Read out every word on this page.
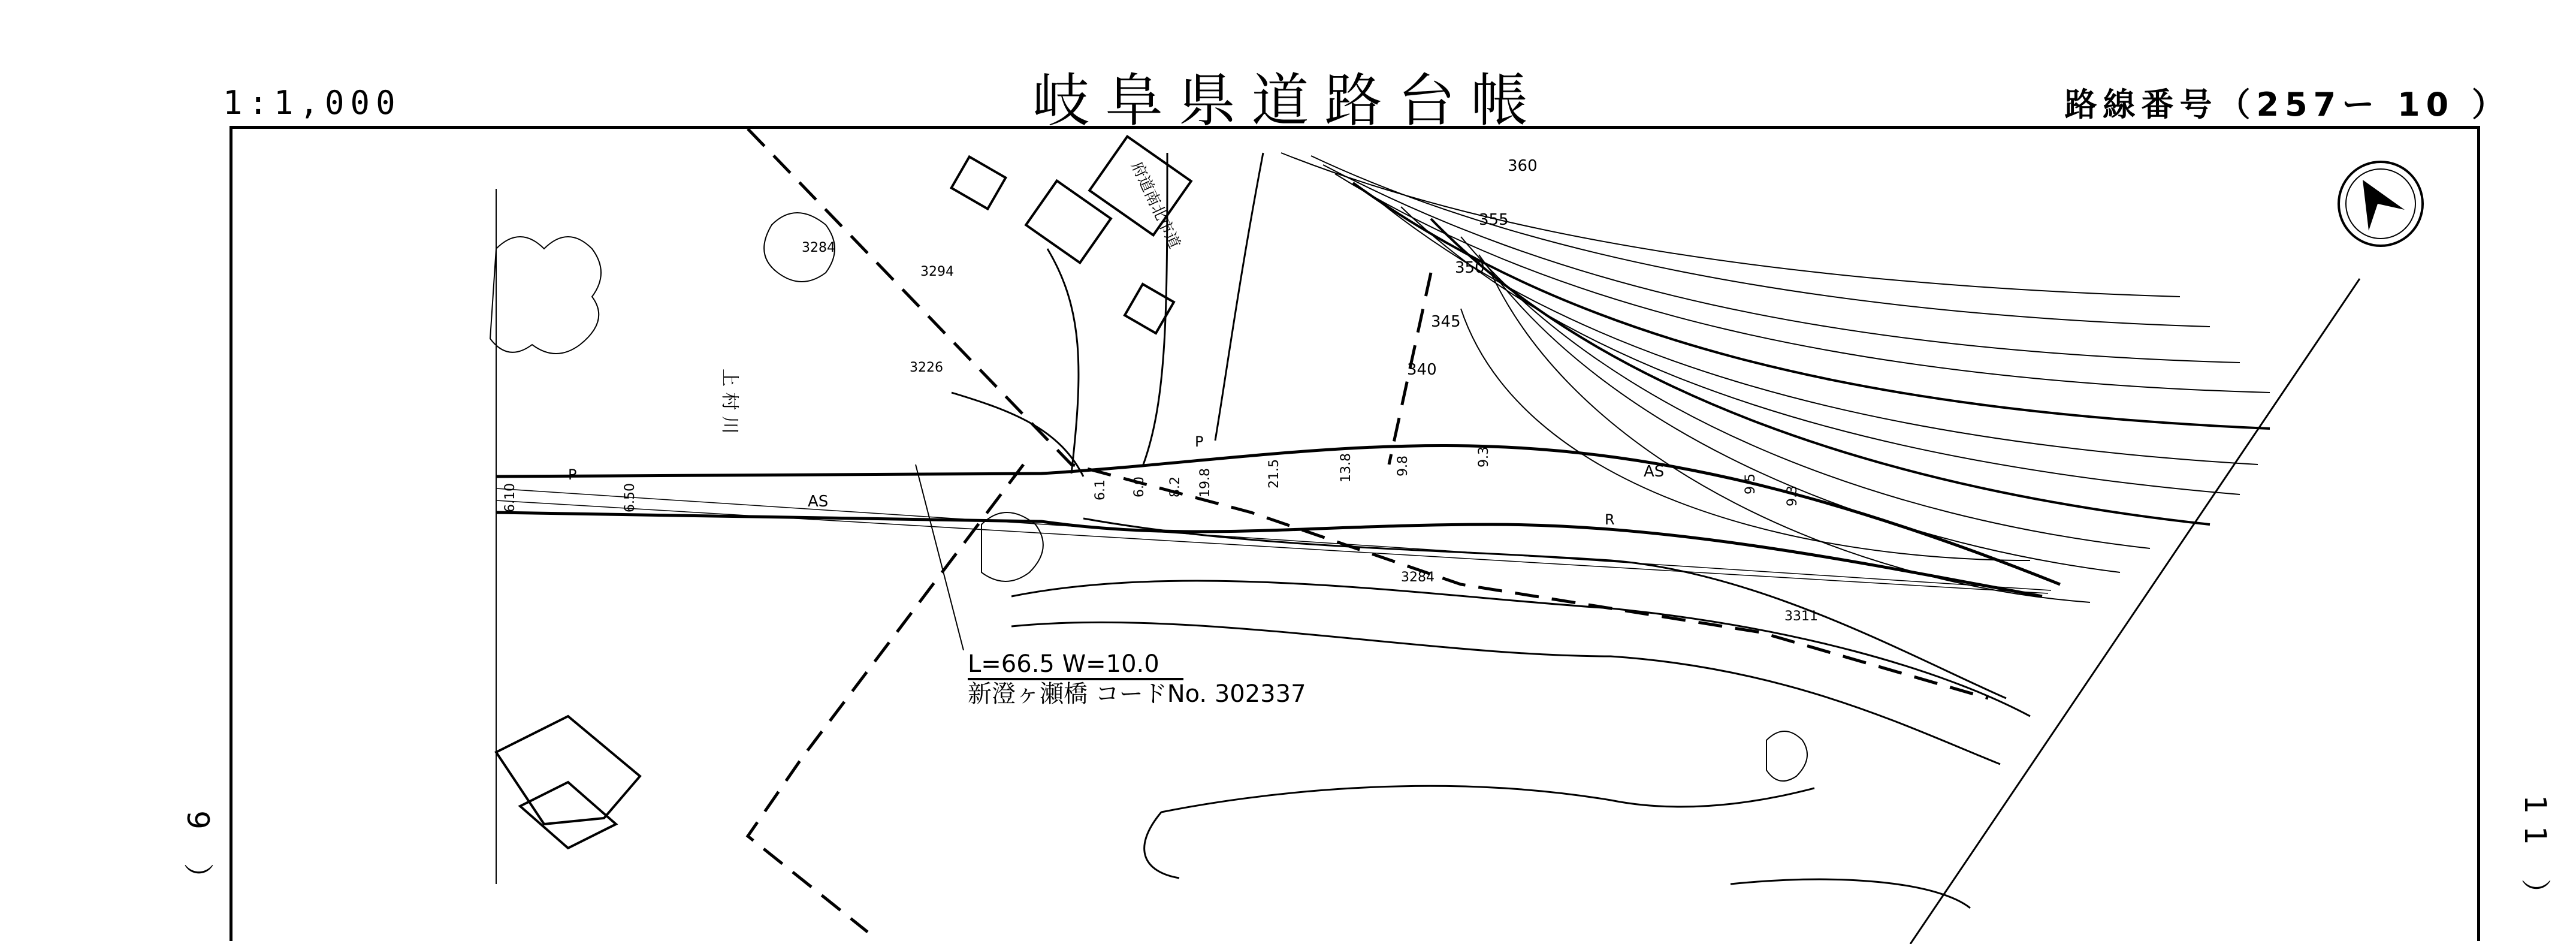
1:1,000	岐阜県道路台帳	路線番号（257ー 10 ）
9 ）	11 ）
360
355
350
345
340
AS
AS
P
P
R
上 村 川
府道南北市道
3284
3294
3226
3284
3311
6.10	6.50	6.1 6.0 8.2 19.8	21.5	13.8	9.8	9.3
9.5
9.3
L=66.5 W=10.0
新澄ヶ瀬橋 コードNo. 302337
